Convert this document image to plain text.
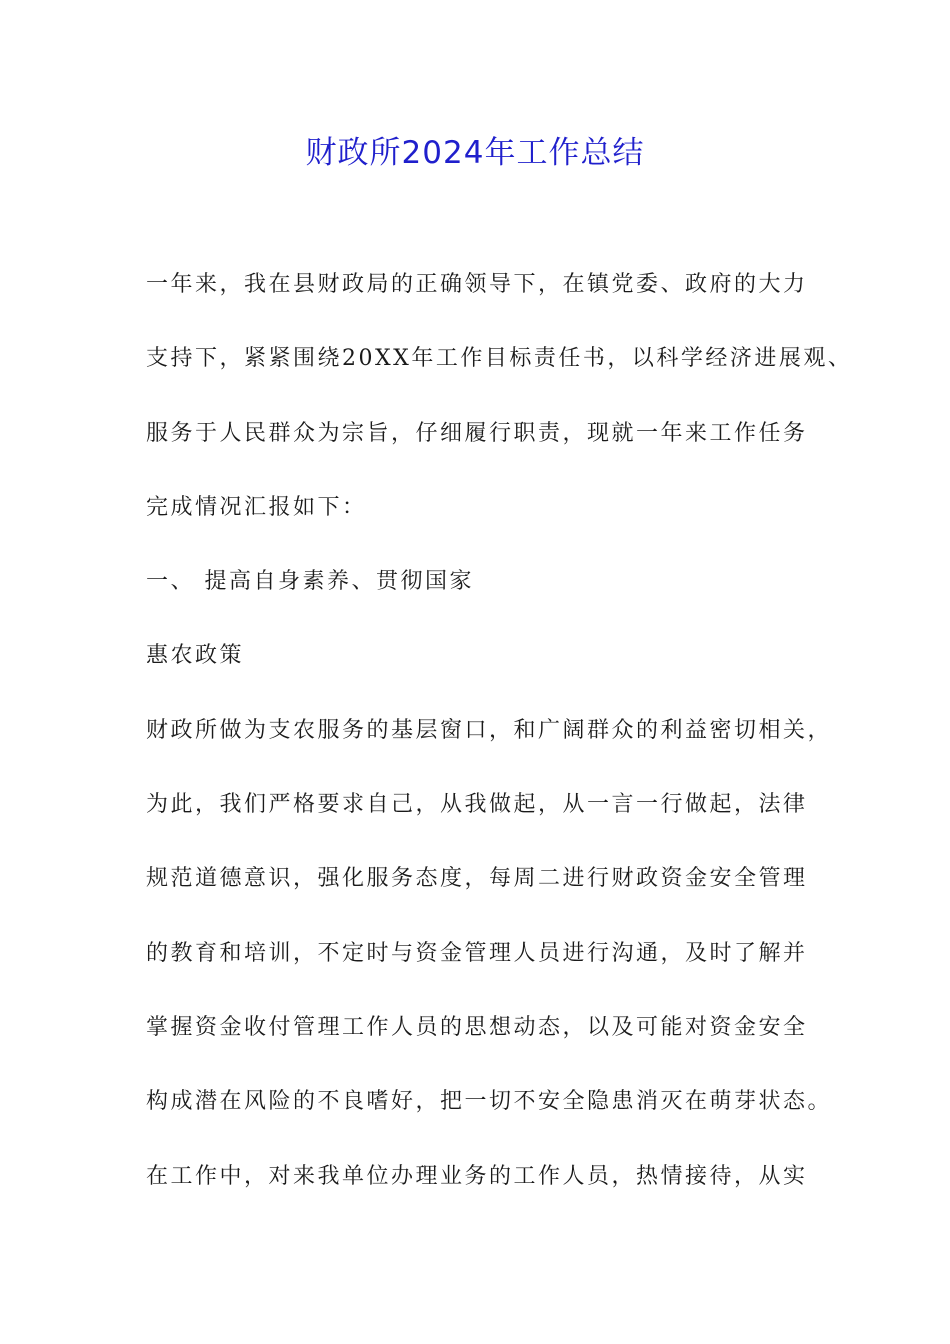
财政所2024年工作总结
一年来，我在县财政局的正确领导下，在镇党委、政府的大力
支持下，紧紧围绕20XX年工作目标责任书，以科学经济进展观、
服务于人民群众为宗旨，仔细履行职责，现就一年来工作任务
完成情况汇报如下：
一、 提高自身素养、贯彻国家
惠农政策
财政所做为支农服务的基层窗口，和广阔群众的利益密切相关，
为此，我们严格要求自己，从我做起，从一言一行做起，法律
规范道德意识，强化服务态度，每周二进行财政资金安全管理
的教育和培训，不定时与资金管理人员进行沟通，及时了解并
掌握资金收付管理工作人员的思想动态，以及可能对资金安全
构成潜在风险的不良嗜好，把一切不安全隐患消灭在萌芽状态。
在工作中，对来我单位办理业务的工作人员，热情接待，从实
